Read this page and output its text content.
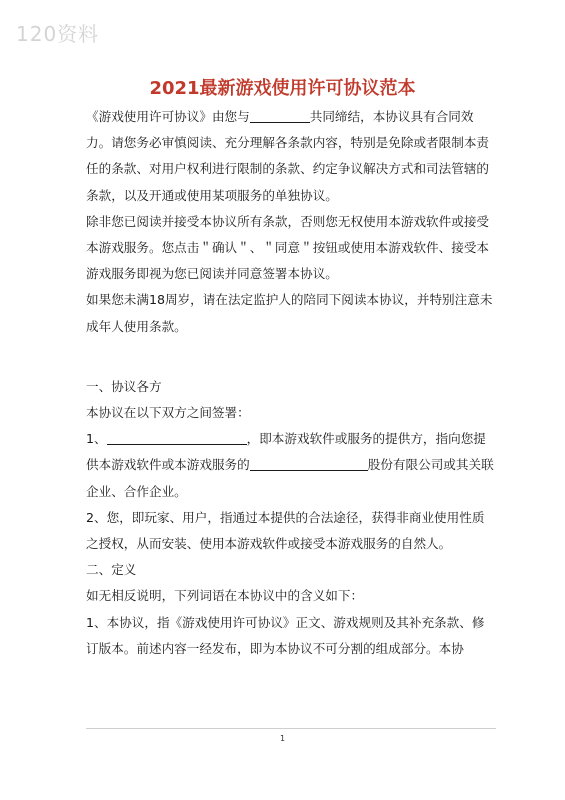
120资料
2021最新游戏使用许可协议范本

《游戏使用许可协议》由您与	共同缔结，本协议具有合同效力。请您务必审慎阅读、充分理解各条款内容，特别是免除或者限制本责任的条款、对用户权利进行限制的条款、约定争议解决方式和司法管辖的条款，以及开通或使用某项服务的单独协议。

除非您已阅读并接受本协议所有条款，否则您无权使用本游戏软件或接受本游戏服务。您点击＂确认＂、＂同意＂按钮或使用本游戏软件、接受本游戏服务即视为您已阅读并同意签署本协议。

如果您未满18周岁，请在法定监护人的陪同下阅读本协议，并特别注意未成年人使用条款。

一、协议各方

本协议在以下双方之间签署：

1、	，即本游戏软件或服务的提供方，指向您提供本游戏软件或本游戏服务的	股份有限公司或其关联企业、合作企业。

2、您，即玩家、用户，指通过本提供的合法途径，获得非商业使用性质之授权，从而安装、使用本游戏软件或接受本游戏服务的自然人。

二、定义

如无相反说明，下列词语在本协议中的含义如下：

1、本协议，指《游戏使用许可协议》正文、游戏规则及其补充条款、修订版本。前述内容一经发布，即为本协议不可分割的组成部分。本协

1
